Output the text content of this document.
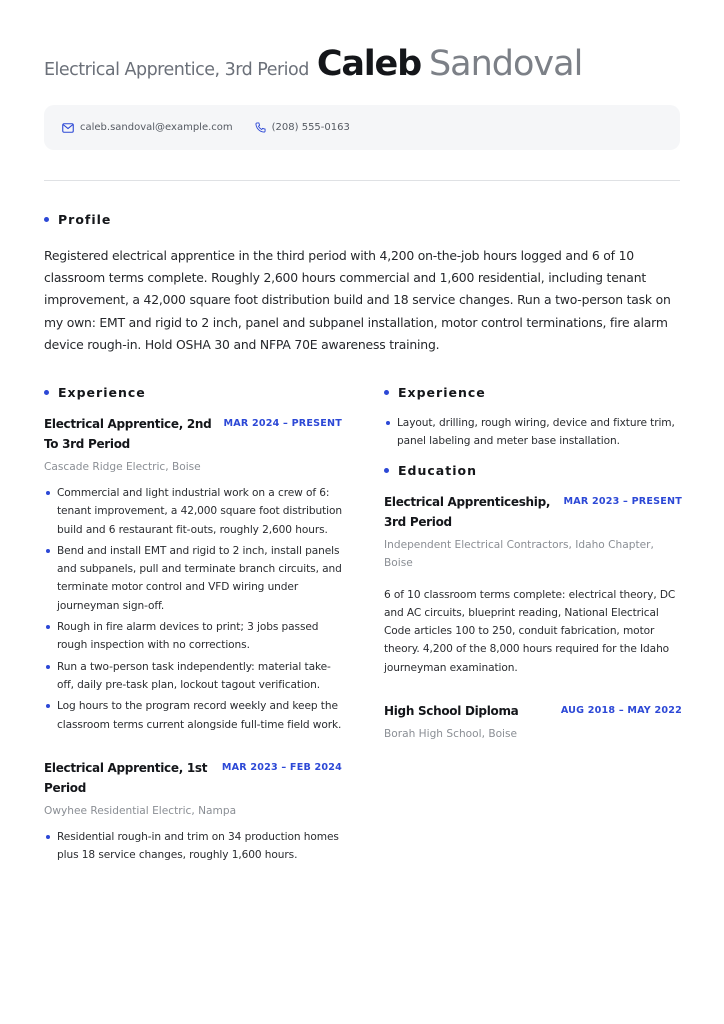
Electrical Apprentice, 3rd Period Caleb Sandoval
caleb.sandoval@example.com	(208) 555-0163
Profile

Registered electrical apprentice in the third period with 4,200 on-the-job hours logged and 6 of 10 classroom terms complete. Roughly 2,600 hours commercial and 1,600 residential, including tenant improvement, a 42,000 square foot distribution build and 18 service changes. Run a two-person task on my own: EMT and rigid to 2 inch, panel and subpanel installation, motor control terminations, fire alarm device rough-in. Hold OSHA 30 and NFPA 70E awareness training.

Experience
Electrical Apprentice, 2nd To 3rd Period
MAR 2024 – PRESENT
Cascade Ridge Electric, Boise
Commercial and light industrial work on a crew of 6: tenant improvement, a 42,000 square foot distribution build and 6 restaurant fit-outs, roughly 2,600 hours.
Bend and install EMT and rigid to 2 inch, install panels and subpanels, pull and terminate branch circuits, and terminate motor control and VFD wiring under journeyman sign-off.
Rough in fire alarm devices to print; 3 jobs passed rough inspection with no corrections.
Run a two-person task independently: material take-off, daily pre-task plan, lockout tagout verification.
Log hours to the program record weekly and keep the classroom terms current alongside full-time field work.
Electrical Apprentice, 1st Period
MAR 2023 – FEB 2024
Owyhee Residential Electric, Nampa
Residential rough-in and trim on 34 production homes plus 18 service changes, roughly 1,600 hours.
Experience
Layout, drilling, rough wiring, device and fixture trim, panel labeling and meter base installation.
Education
Electrical Apprenticeship, 3rd Period
MAR 2023 – PRESENT
Independent Electrical Contractors, Idaho Chapter, Boise

6 of 10 classroom terms complete: electrical theory, DC and AC circuits, blueprint reading, National Electrical Code articles 100 to 250, conduit fabrication, motor theory. 4,200 of the 8,000 hours required for the Idaho journeyman examination.

High School Diploma	AUG 2018 – MAY 2022
Borah High School, Boise
